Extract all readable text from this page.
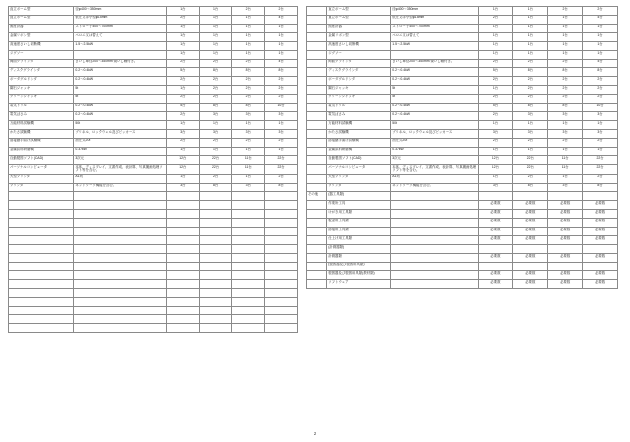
直立ボーム型	径φ400〜350mm	1台	1台	2台	2台
直立ボーム型	低圧又は小型φ15mm	2台	1台	1台	4台
照度計器	ストロー子400〜700mm	1台	1台	1台	1台
金属リボン型	ベロニ又は替えて	1台	1台	1台	1台
高速度さいし切断機	1.5〜2.5kW	1台	1台	1台	1台
ジグソー		1台	1台	1台	1台
両面グラインダ	さいし車径200〜350mm 焼いし軸付き。	2台	2台	2台	4台
ディスクグラインダ	0.2〜0.4kW	5台	8台	8台	8台
ボーダグルドンダ	0.2〜0.4kW	2台	2台	2台	2台
鋼石ジャッキ	5t	1台	2台	2台	2台
グリーンジャッキ	5t	2台	2台	2台	2台
電気ドリル	0.2〜0.4kW	5台	8台	8台	10台
電気ばさみ	0.2〜0.4kW	2台	3台	3台	3台
万能材料試験機	50t	1台	1台	1台	1台
かたさ試験機	ブリネル、ロックウェル及びビッカース	3台	3台	3台	3台
溶接継手曲げ試験機	油圧式20t	2台	2台	2台	2台
金属試料研磨機	0.37kW	1台	1台	1台	1台
自動製図ソフト(CAD)	3次元	12台	22台	11台	22台
パーソナルコンピュータ	本体、ディスプレイ、文書作成、表計算、写真撮画処理ソフト等を含む。	12台	22台	11台	22台
大型プリンタ	A1判	1台	2台	1台	2台
プリンタ	ネットワーク機能を含む。	3台	8台	3台	8台

	直立ボーム型	径φ400〜350mm	1台	1台	2台	2台
	直立ボーム型	低圧又は小型φ15mm	2台	1台	1台	4台
	照度計器	ストロー子400〜700mm	1台	1台	1台	1台
	金属リボン型	ベロニ又は替えて	1台	1台	1台	1台
	高速度さいし切断機	1.5〜2.5kW	1台	1台	1台	1台
	ジグソー		1台	1台	1台	1台
	両面グラインダ	さいし車径200〜350mm 焼いし軸付き。	2台	2台	2台	4台
	ディスクグラインダ	0.2〜0.4kW	5台	8台	8台	8台
	ボーダグルドンダ	0.2〜0.4kW	2台	2台	2台	2台
	鋼石ジャッキ	5t	1台	2台	2台	2台
	グリーンジャッキ	5t	2台	2台	2台	2台
	電気ドリル	0.2〜0.4kW	5台	8台	8台	10台
	電気ばさみ	0.2〜0.4kW	2台	3台	3台	3台
	万能材料試験機	50t	1台	1台	1台	1台
	かたさ試験機	ブリネル、ロックウェル及びビッカース	3台	3台	3台	3台
	溶接継手曲げ試験機	油圧式20t	2台	2台	2台	2台
	金属試料研磨機	0.37kW	1台	1台	1台	1台
	自動製図ソフト(CAD)	3次元	12台	22台	11台	22台
	パーソナルコンピュータ	本体、ディスプレイ、文書作成、表計算、写真撮画処理ソフト等を含む。	12台	22台	11台	22台
	大型プリンタ	A1判	1台	2台	1台	2台
	プリンタ	ネットワーク機能を含む。	3台	8台	3台	8台
その他	(器工具類)					
	作業所工具		必要数	必要数	必要数	必要数
	けがき用工具類		必要数	必要数	必要数	必要数
	板金用工具類		必要数	必要数	必要数	必要数
	溶接用工具類		必要数	必要数	必要数	必要数
	仕上げ用工具類		必要数	必要数	必要数	必要数
	(計測器類)					
	計測器類		必要数	必要数	必要数	必要数
	(製図器及び製図用具類)					
	製図器及び製図用具類(教材類)		必要数	必要数	必要数	必要数
	ソフトウェア		必要数	必要数	必要数	必要数
2
